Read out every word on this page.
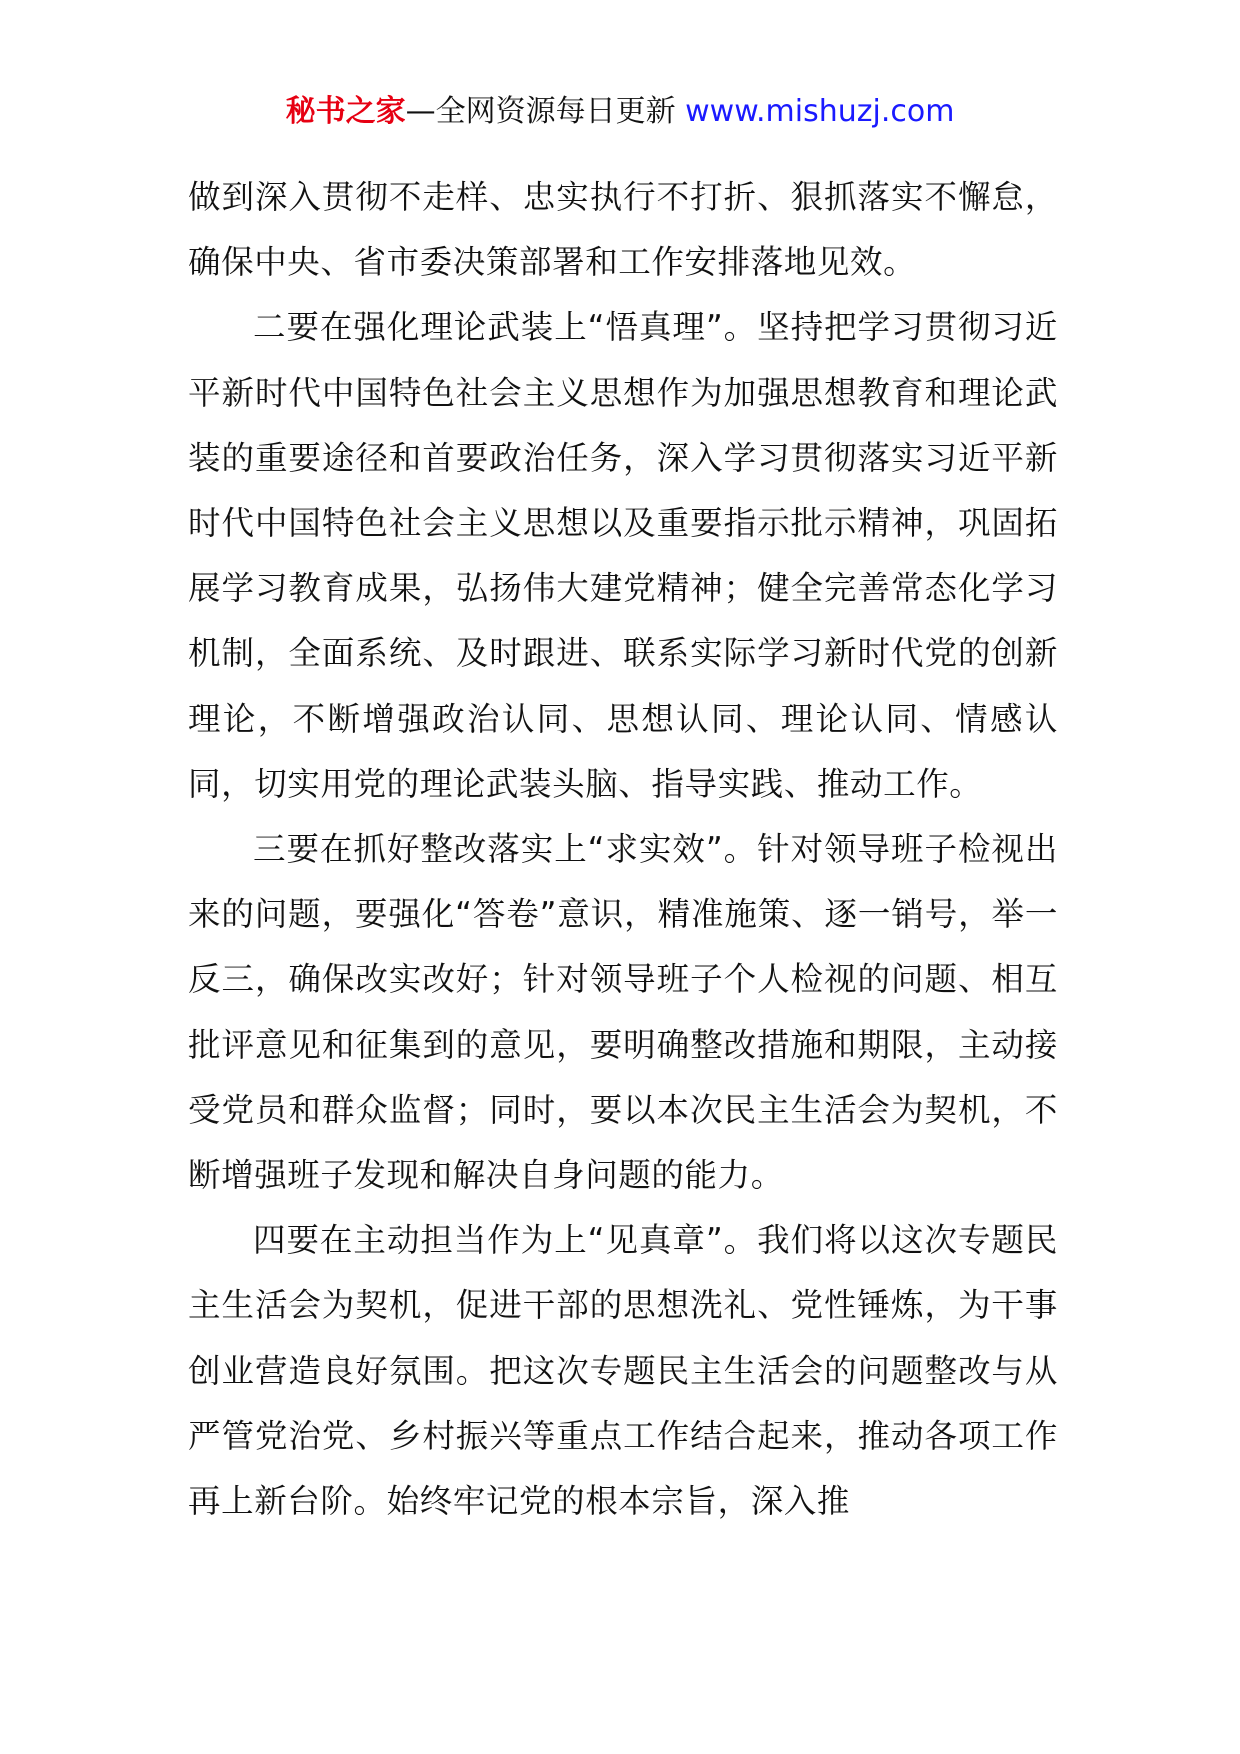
秘书之家—全网资源每日更新 www.mishuzj.com

做到深入贯彻不走样、忠实执行不打折、狠抓落实不懈怠，确保中央、省市委决策部署和工作安排落地见效。

二要在强化理论武装上“悟真理”。坚持把学习贯彻习近平新时代中国特色社会主义思想作为加强思想教育和理论武装的重要途径和首要政治任务，深入学习贯彻落实习近平新时代中国特色社会主义思想以及重要指示批示精神，巩固拓展学习教育成果，弘扬伟大建党精神；健全完善常态化学习机制，全面系统、及时跟进、联系实际学习新时代党的创新理论，不断增强政治认同、思想认同、理论认同、情感认同，切实用党的理论武装头脑、指导实践、推动工作。

三要在抓好整改落实上“求实效”。针对领导班子检视出来的问题，要强化“答卷”意识，精准施策、逐一销号，举一反三，确保改实改好；针对领导班子个人检视的问题、相互批评意见和征集到的意见，要明确整改措施和期限，主动接受党员和群众监督；同时，要以本次民主生活会为契机，不断增强班子发现和解决自身问题的能力。

四要在主动担当作为上“见真章”。我们将以这次专题民主生活会为契机，促进干部的思想洗礼、党性锤炼，为干事创业营造良好氛围。把这次专题民主生活会的问题整改与从严管党治党、乡村振兴等重点工作结合起来，推动各项工作再上新台阶。始终牢记党的根本宗旨，深入推
